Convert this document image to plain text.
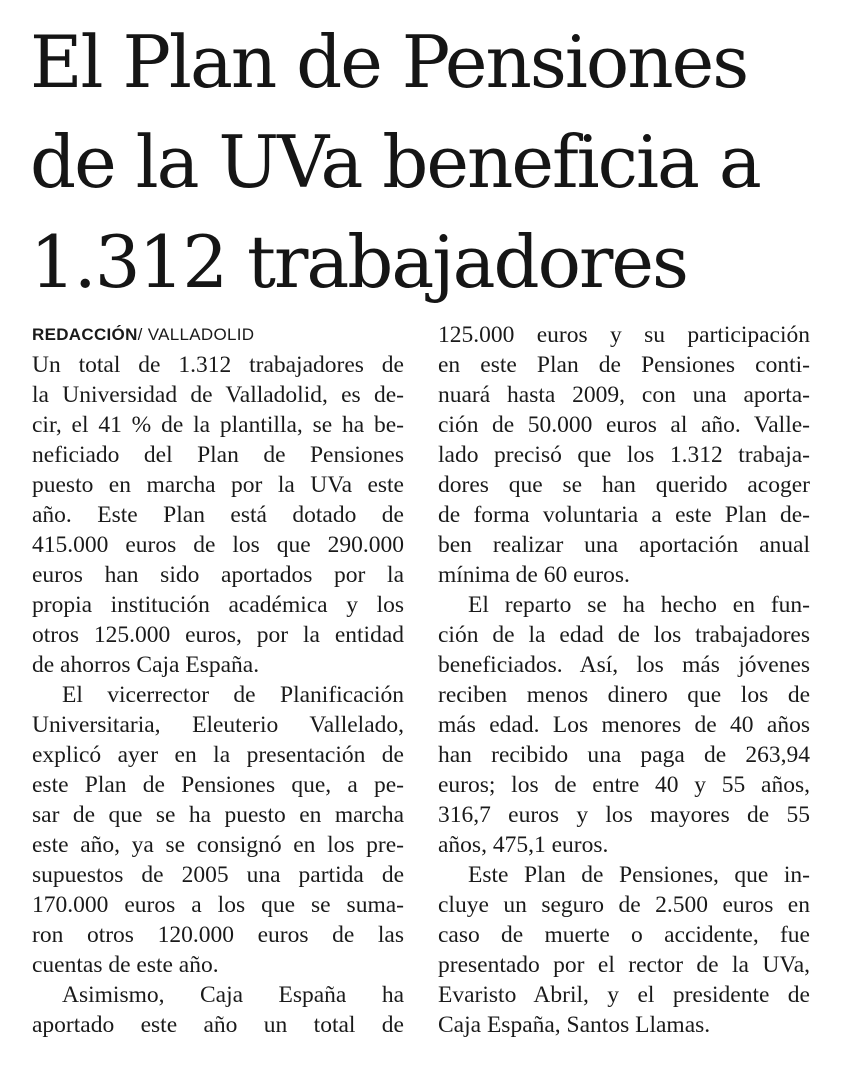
El Plan de Pensiones
de la UVa beneficia a
1.312 trabajadores
REDACCIÓN/ VALLADOLID

Un total de 1.312 trabajadores de
la Universidad de Valladolid, es de-
cir, el 41 % de la plantilla, se ha be-
neficiado del Plan de Pensiones
puesto en marcha por la UVa este
año. Este Plan está dotado de
415.000 euros de los que 290.000
euros han sido aportados por la
propia institución académica y los
otros 125.000 euros, por la entidad
de ahorros Caja España.

El vicerrector de Planificación
Universitaria, Eleuterio Vallelado,
explicó ayer en la presentación de
este Plan de Pensiones que, a pe-
sar de que se ha puesto en marcha
este año, ya se consignó en los pre-
supuestos de 2005 una partida de
170.000 euros a los que se suma-
ron otros 120.000 euros de las
cuentas de este año.

Asimismo, Caja España ha
aportado este año un total de

125.000 euros y su participación
en este Plan de Pensiones conti-
nuará hasta 2009, con una aporta-
ción de 50.000 euros al año. Valle-
lado precisó que los 1.312 trabaja-
dores que se han querido acoger
de forma voluntaria a este Plan de-
ben realizar una aportación anual
mínima de 60 euros.

El reparto se ha hecho en fun-
ción de la edad de los trabajadores
beneficiados. Así, los más jóvenes
reciben menos dinero que los de
más edad. Los menores de 40 años
han recibido una paga de 263,94
euros; los de entre 40 y 55 años,
316,7 euros y los mayores de 55
años, 475,1 euros.

Este Plan de Pensiones, que in-
cluye un seguro de 2.500 euros en
caso de muerte o accidente, fue
presentado por el rector de la UVa,
Evaristo Abril, y el presidente de
Caja España, Santos Llamas.
